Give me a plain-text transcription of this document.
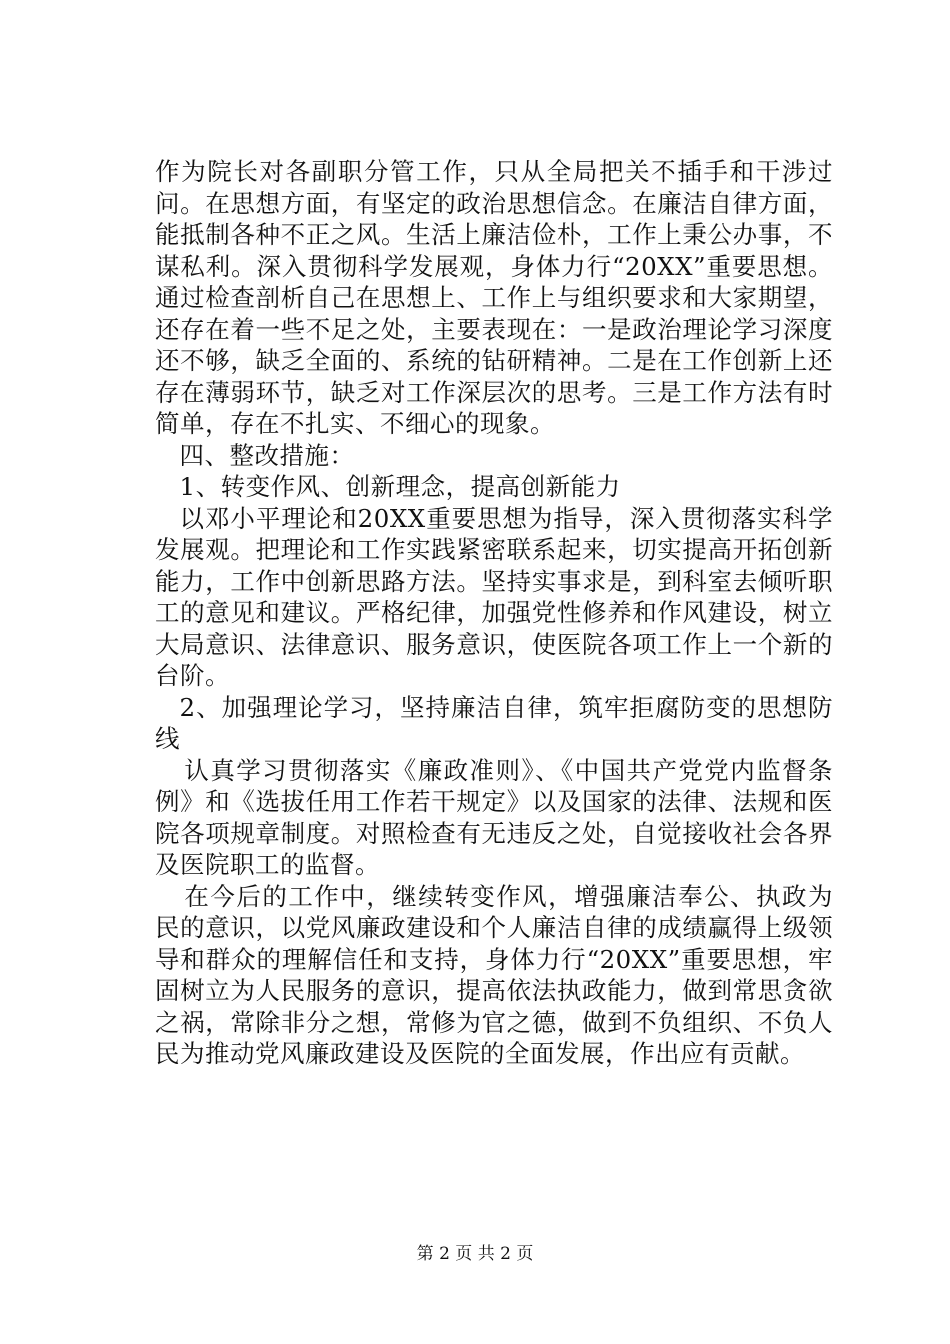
作为院长对各副职分管工作，只从全局把关不插手和干涉过问。在思想方面，有坚定的政治思想信念。在廉洁自律方面，能抵制各种不正之风。生活上廉洁俭朴，工作上秉公办事，不谋私利。深入贯彻科学发展观，身体力行“20XX”重要思想。通过检查剖析自己在思想上、工作上与组织要求和大家期望，还存在着一些不足之处，主要表现在：一是政治理论学习深度还不够，缺乏全面的、系统的钻研精神。二是在工作创新上还存在薄弱环节，缺乏对工作深层次的思考。三是工作方法有时简单，存在不扎实、不细心的现象。

四、整改措施：

1、转变作风、创新理念，提高创新能力

以邓小平理论和20XX重要思想为指导，深入贯彻落实科学发展观。把理论和工作实践紧密联系起来，切实提高开拓创新能力，工作中创新思路方法。坚持实事求是，到科室去倾听职工的意见和建议。严格纪律，加强党性修养和作风建设，树立大局意识、法律意识、服务意识，使医院各项工作上一个新的台阶。

2、加强理论学习，坚持廉洁自律，筑牢拒腐防变的思想防线

认真学习贯彻落实《廉政准则》、《中国共产党党内监督条例》和《选拔任用工作若干规定》以及国家的法律、法规和医院各项规章制度。对照检查有无违反之处，自觉接收社会各界及医院职工的监督。

在今后的工作中，继续转变作风，增强廉洁奉公、执政为民的意识，以党风廉政建设和个人廉洁自律的成绩赢得上级领导和群众的理解信任和支持，身体力行“20XX”重要思想，牢固树立为人民服务的意识，提高依法执政能力，做到常思贪欲之祸，常除非分之想，常修为官之德，做到不负组织、不负人民为推动党风廉政建设及医院的全面发展，作出应有贡献。

第 2 页 共 2 页
